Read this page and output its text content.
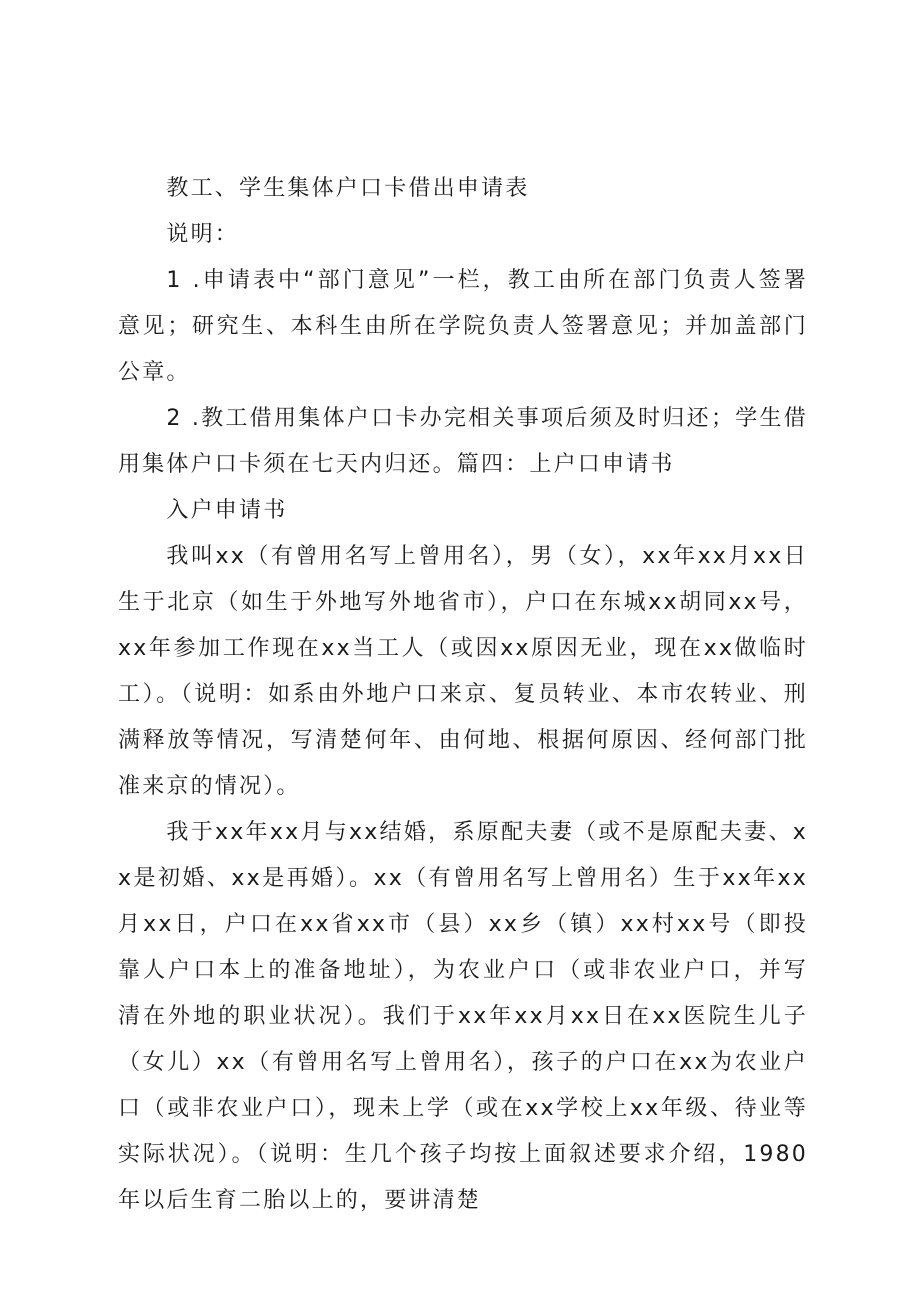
教工、学生集体户口卡借出申请表

说明：

1 .申请表中“部门意见”一栏，教工由所在部门负责人签署意见；研究生、本科生由所在学院负责人签署意见；并加盖部门公章。

2 .教工借用集体户口卡办完相关事项后须及时归还；学生借用集体户口卡须在七天内归还。篇四：上户口申请书

入户申请书

我叫xx（有曾用名写上曾用名），男（女），xx年xx月xx日生于北京（如生于外地写外地省市），户口在东城xx胡同xx号，xx年参加工作现在xx当工人（或因xx原因无业，现在xx做临时工）。（说明：如系由外地户口来京、复员转业、本市农转业、刑满释放等情况，写清楚何年、由何地、根据何原因、经何部门批准来京的情况）。

我于xx年xx月与xx结婚，系原配夫妻（或不是原配夫妻、xx是初婚、xx是再婚）。xx（有曾用名写上曾用名）生于xx年xx月xx日，户口在xx省xx市（县）xx乡（镇）xx村xx号（即投靠人户口本上的准备地址），为农业户口（或非农业户口，并写清在外地的职业状况）。我们于xx年xx月xx日在xx医院生儿子（女儿）xx（有曾用名写上曾用名），孩子的户口在xx为农业户口（或非农业户口），现未上学（或在xx学校上xx年级、待业等实际状况）。（说明：生几个孩子均按上面叙述要求介绍，1980年以后生育二胎以上的，要讲清楚
